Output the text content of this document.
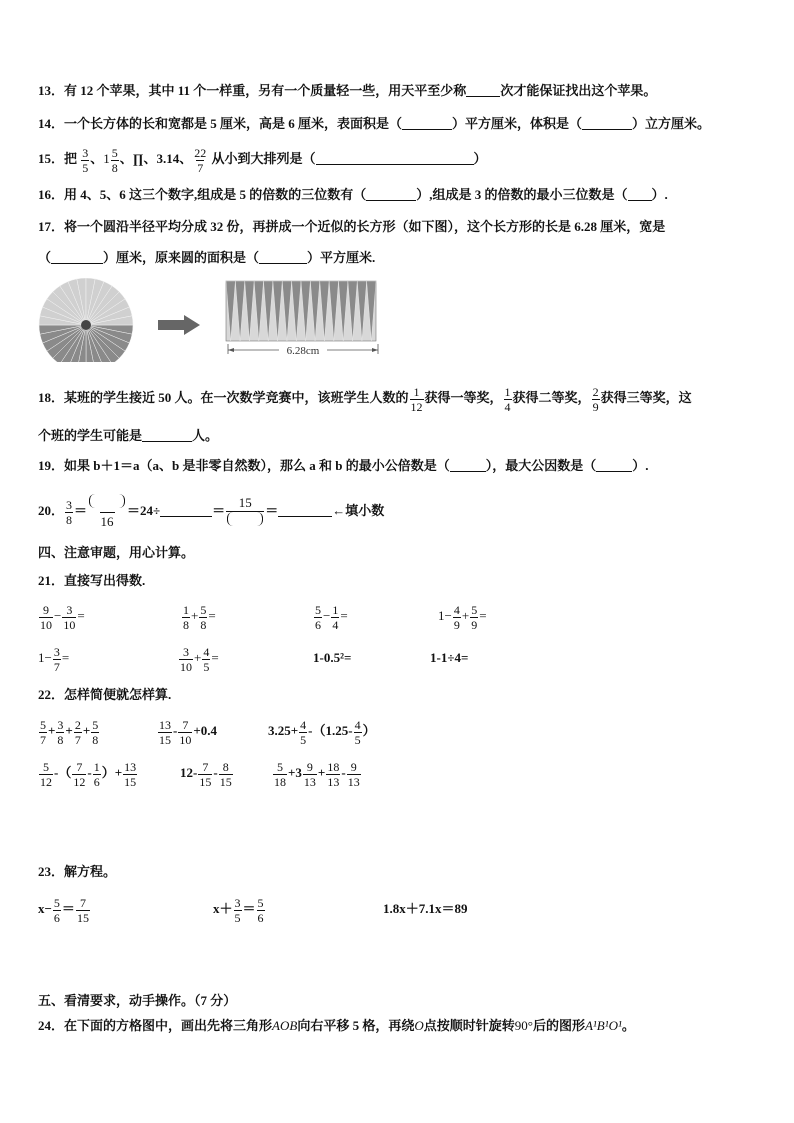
13．有 12 个苹果，其中 11 个一样重，另有一个质量轻一些，用天平至少称	次才能保证找出这个苹果。
14．一个长方体的长和宽都是 5 厘米，高是 6 厘米，表面积是（	）平方厘米，体积是（	）立方厘米。
15．把 $\frac{3}{5}$ 、$1 \frac{5}{8}$ 、∏、3.14、 $\frac{22}{7}$ 从小到大排列是（	）
16．用 4、5、6 这三个数字,组成是 5 的倍数的三位数有（	）,组成是 3 的倍数的最小三位数是（ ）.
17．将一个圆沿半径平均分成 32 份，再拼成一个近似的长方形（如下图），这个长方形的长是 6.28 厘米，宽是
（	）厘米，原来圆的面积是（	）平方厘米.
6.28cm
18．某班的学生接近 50 人。在一次数学竞赛中，该班学生人数的 $\frac{1}{12}$ 获得一等奖， $\frac{1}{4}$ 获得二等奖， $\frac{2}{9}$ 获得三等奖，这
个班的学生可能是	人。
19．如果 b＋1＝a（a、b 是非零自然数），那么 a 和 b 的最小公倍数是（	），最大公因数是（	）.
20． $\frac{3}{8}$ ＝
16
＝24÷	＝
15
＝	←填小数
四、注意审题，用心计算。
21．直接写出得数.
$\frac{9}{10} - \frac{3}{10}$ =	$\frac{1}{8} + \frac{5}{8}$ =	$\frac{5}{6} - \frac{1}{4}$ =	$1- \frac{4}{9} + \frac{5}{9}$ =
$1- \frac{3}{7}$ =	$\frac{3}{10} + \frac{4}{5}$ =	1-0.5²=	1-1÷4=
22．怎样简便就怎样算.
$\frac{5}{7} + \frac{3}{8} + \frac{2}{7} + \frac{5}{8}$	$\frac{13}{15} - \frac{7}{10} +0.4$	$3.25+ \frac{4}{5} -(1.25- \frac{4}{5}$ ）
$\frac{5}{12}$ -（ $\frac{7}{12} - \frac{1}{6}$ ）+ $\frac{13}{15}$	$12- \frac{7}{15} - \frac{8}{15}$	$\frac{5}{18} +3 \frac{9}{13} + \frac{18}{13} - \frac{9}{13}$
23．解方程。
$x- \frac{5}{6} = \frac{7}{15}$	$x+ \frac{3}{5} = \frac{5}{6}$	1.8x＋7.1x＝89
五、看清要求，动手操作。（7 分）
24．在下面的方格图中，画出先将三角形AOB向右平移 5 格，再绕O点按顺时针旋转90°后的图形A¹B¹O¹。
